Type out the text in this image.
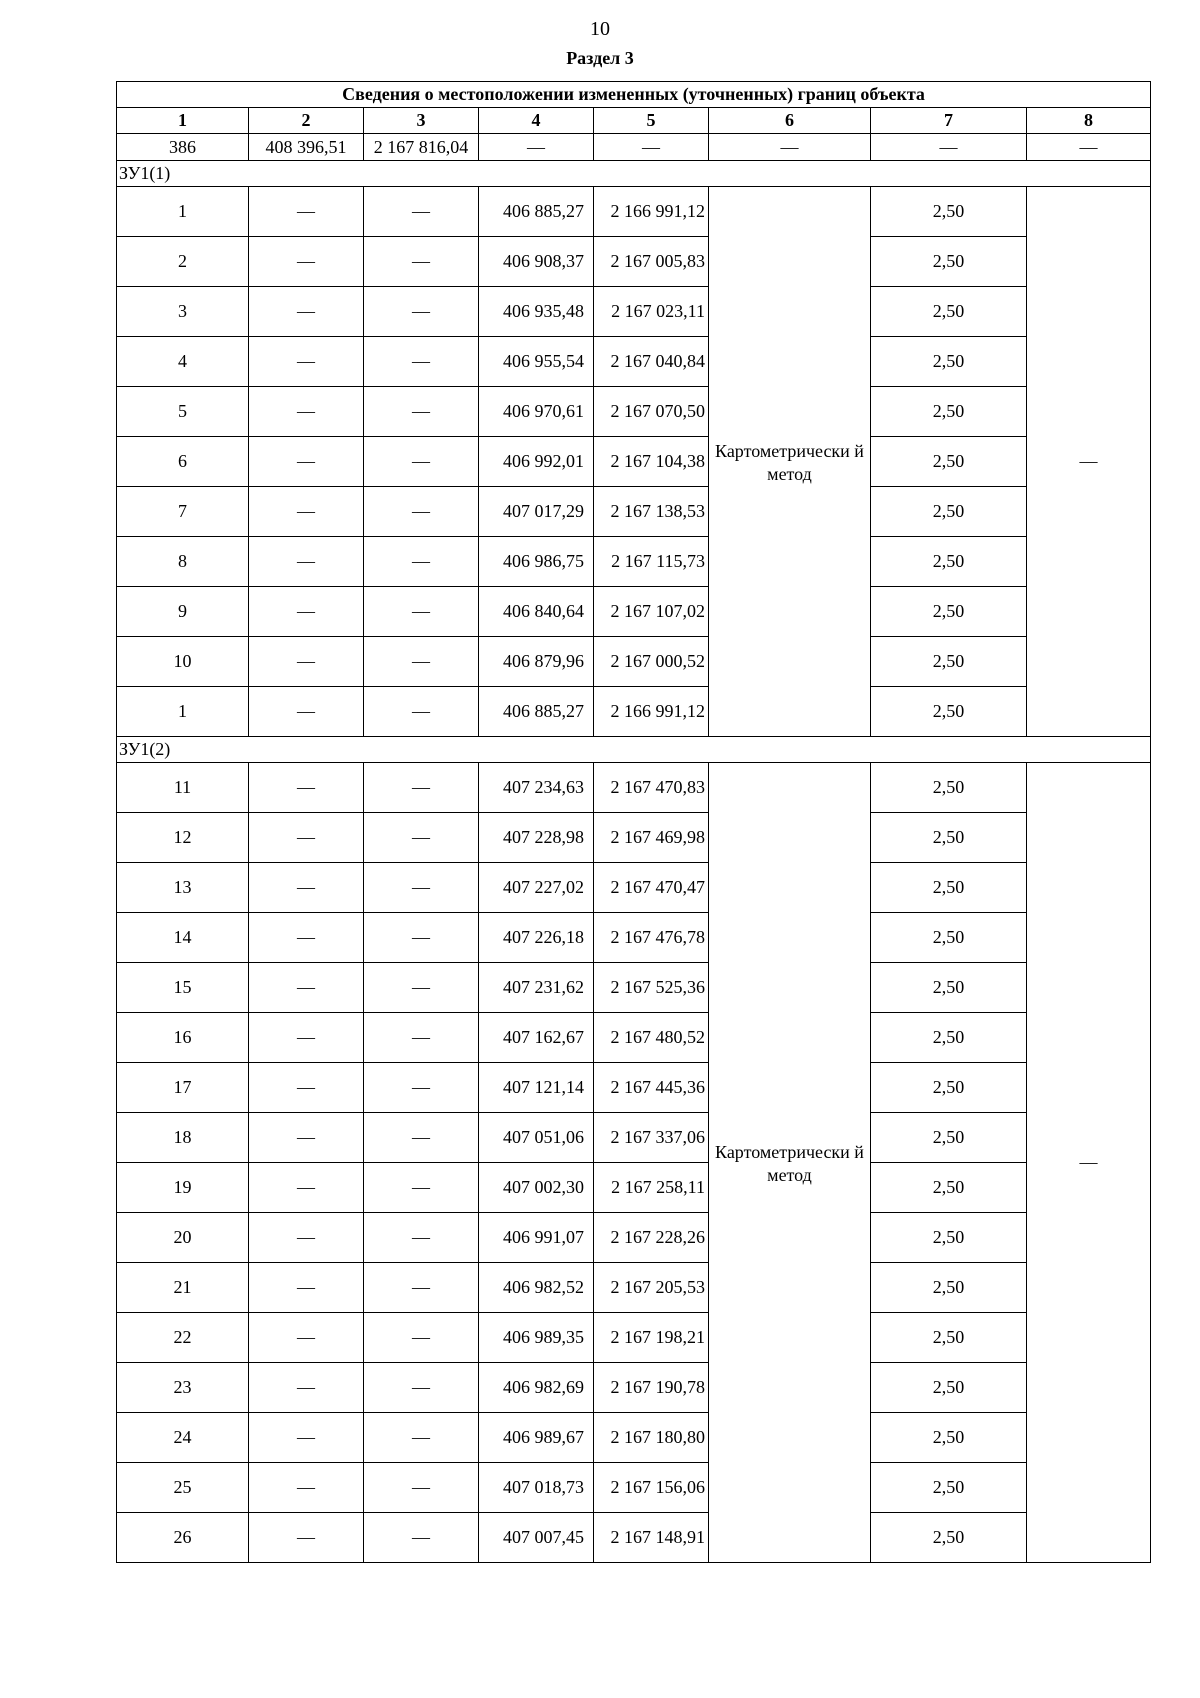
10
Раздел 3
Сведения о местоположении измененных (уточненных) границ объекта							
1	2	3	4	5	6	7	8
386	408 396,51	2 167 816,04	—	—	—	—	—
ЗУ1(1)							
1	—	—	406 885,27	2 166 991,12	Картометрически й метод	2,50	—
2	—	—	406 908,37	2 167 005,83		2,50	
3	—	—	406 935,48	2 167 023,11		2,50	
4	—	—	406 955,54	2 167 040,84		2,50	
5	—	—	406 970,61	2 167 070,50		2,50	
6	—	—	406 992,01	2 167 104,38		2,50	
7	—	—	407 017,29	2 167 138,53		2,50	
8	—	—	406 986,75	2 167 115,73		2,50	
9	—	—	406 840,64	2 167 107,02		2,50	
10	—	—	406 879,96	2 167 000,52		2,50	
1	—	—	406 885,27	2 166 991,12		2,50	
ЗУ1(2)							
11	—	—	407 234,63	2 167 470,83	Картометрически й метод	2,50	—
12	—	—	407 228,98	2 167 469,98		2,50	
13	—	—	407 227,02	2 167 470,47		2,50	
14	—	—	407 226,18	2 167 476,78		2,50	
15	—	—	407 231,62	2 167 525,36		2,50	
16	—	—	407 162,67	2 167 480,52		2,50	
17	—	—	407 121,14	2 167 445,36		2,50	
18	—	—	407 051,06	2 167 337,06		2,50	
19	—	—	407 002,30	2 167 258,11		2,50	
20	—	—	406 991,07	2 167 228,26		2,50	
21	—	—	406 982,52	2 167 205,53		2,50	
22	—	—	406 989,35	2 167 198,21		2,50	
23	—	—	406 982,69	2 167 190,78		2,50	
24	—	—	406 989,67	2 167 180,80		2,50	
25	—	—	407 018,73	2 167 156,06		2,50	
26	—	—	407 007,45	2 167 148,91		2,50	
